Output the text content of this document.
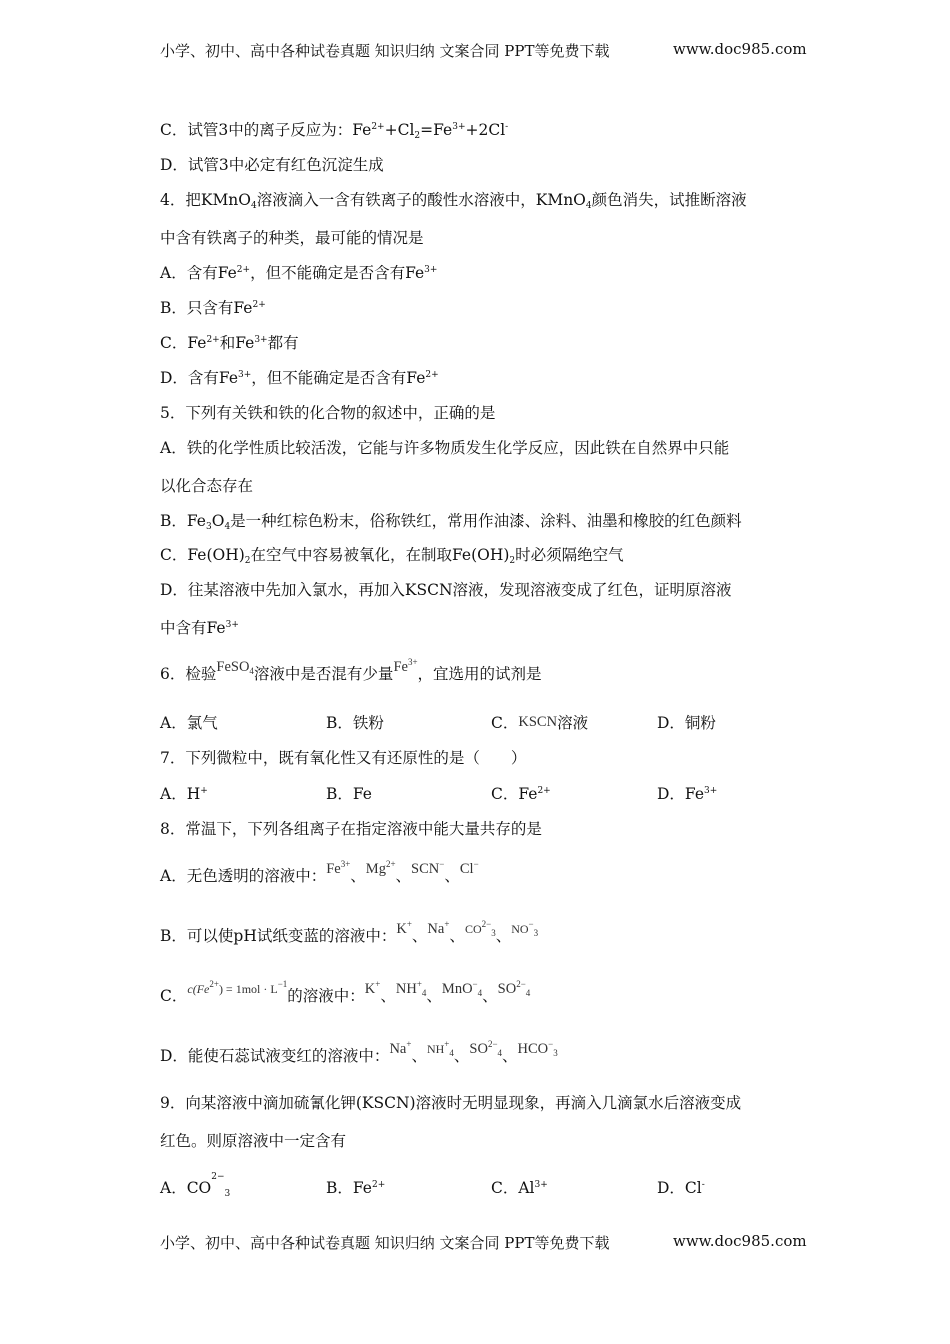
小学、初中、高中各种试卷真题 知识归纳 文案合同 PPT等免费下载	www.doc985.com
C．试管3中的离子反应为：$Fe^{2+}+Cl_2=Fe^{3+}+2Cl^-$
D．试管3中必定有红色沉淀生成
4．把KMnO$_4$溶液滴入一含有铁离子的酸性水溶液中，KMnO$_4$颜色消失，试推断溶液
中含有铁离子的种类，最可能的情况是
A．含有$Fe^{2+}$，但不能确定是否含有$Fe^{3+}$
B．只含有$Fe^{2+}$
C．$Fe^{2+}$和$Fe^{3+}$都有
D．含有$Fe^{3+}$，但不能确定是否含有$Fe^{2+}$
5．下列有关铁和铁的化合物的叙述中，正确的是
A．铁的化学性质比较活泼，它能与许多物质发生化学反应，因此铁在自然界中只能
以化合态存在
B．$Fe_3O_4$是一种红棕色粉末，俗称铁红，常用作油漆、涂料、油墨和橡胶的红色颜料
C．$Fe(OH)_2$在空气中容易被氧化，在制取$Fe(OH)_2$时必须隔绝空气
D．往某溶液中先加入氯水，再加入KSCN溶液，发现溶液变成了红色，证明原溶液
中含有$Fe^{3+}$
6．检验FeSO$_4$溶液中是否混有少量$Fe^{3+}$，宜选用的试剂是
A．氯气	B．铁粉	C．KSCN溶液	D．铜粉
7．下列微粒中，既有氧化性又有还原性的是（　　）
A．H+	B．Fe	C．$Fe^{2+}$	D．$Fe^{3+}$
8．常温下，下列各组离子在指定溶液中能大量共存的是
A．无色透明的溶液中：$Fe^{3+}$、$Mg^{2+}$、SCN−、Cl−
B．可以使pH试纸变蓝的溶液中：K+、Na+、$^{CO^{2-}_3}$、$^{NO^-_3}$
C．$^{c(Fe^{2+}) = 1mol \cdot L^{-1}}$的溶液中：K+、$NH^+_4$、MnO−$_4$、$SO^{2-}_4$
D．能使石蕊试液变红的溶液中：Na+、$^{NH^+_4}$、$SO^{2-}_4$、$HCO^-_3$
9．向某溶液中滴加硫氰化钾(KSCN)溶液时无明显现象，再滴入几滴氯水后溶液变成
红色。则原溶液中一定含有
A．$CO^{2-}_3$	B．$Fe^{2+}$	C．$Al^{3+}$	D．Cl-
小学、初中、高中各种试卷真题 知识归纳 文案合同 PPT等免费下载	www.doc985.com
